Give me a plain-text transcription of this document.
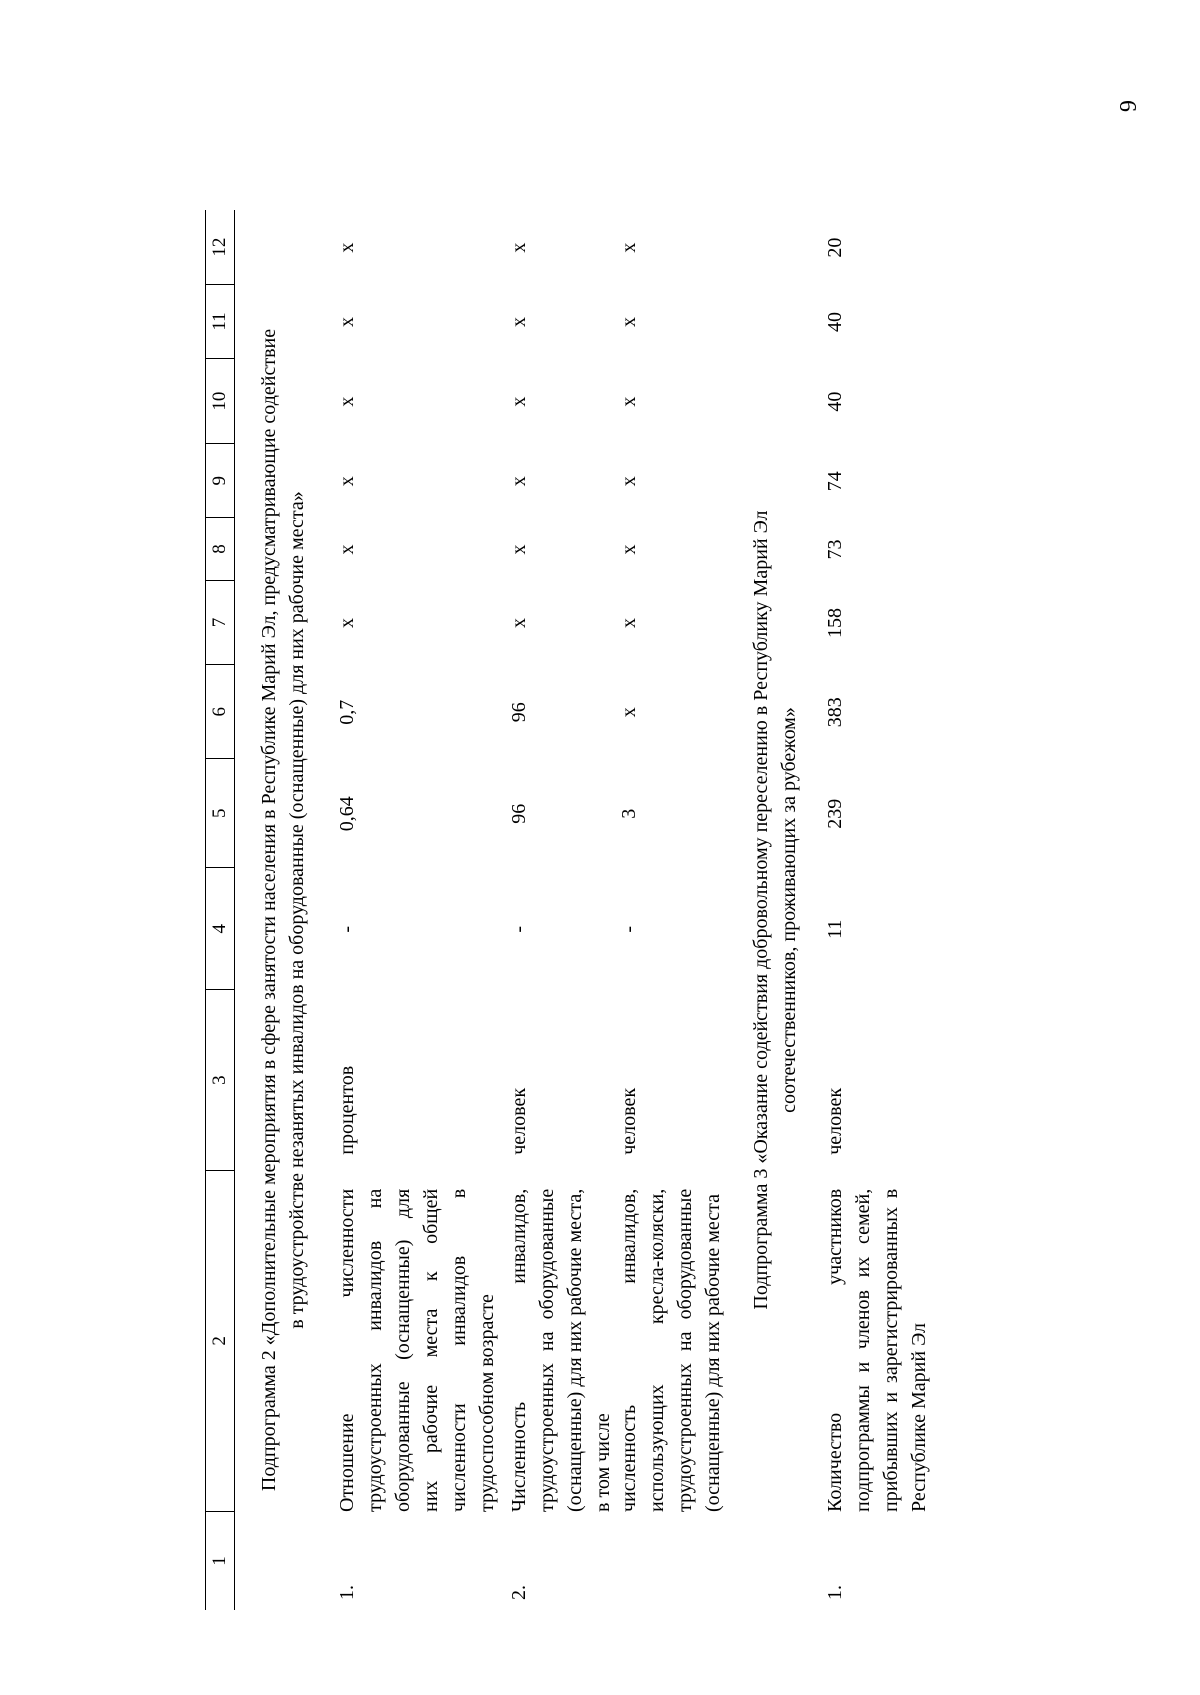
6
1
2
3
4
5
6
7
8
9
10
11
12
Подпрограмма 2 «Дополнительные мероприятия в сфере занятости населения в Республике Марий Эл, предусматривающие содействие в трудоустройстве незанятых инвалидов на оборудованные (оснащенные) для них рабочие места»
1.
Отношение численности трудоустроенных инвалидов на оборудованные (оснащенные) для них рабочие места к общей численности инвалидов в трудоспособном возрасте
процентов
-
0,64
0,7
x
x
x
x
x
x
2.
Численность инвалидов, трудоустроенных на оборудованные (оснащенные) для них рабочие места, в том числе
человек
-
96
96
x
x
x
x
x
x
численность инвалидов, использующих кресла-коляски, трудоустроенных на оборудованные (оснащенные) для них рабочие места
человек
-
3
x
x
x
x
x
x
x
Подпрограмма 3 «Оказание содействия добровольному переселению в Республику Марий Эл соотечественников, проживающих за рубежом»
1.
Количество участников подпрограммы и членов их семей, прибывших и зарегистрированных в Республике Марий Эл
человек
11
239
383
158
73
74
40
40
20
